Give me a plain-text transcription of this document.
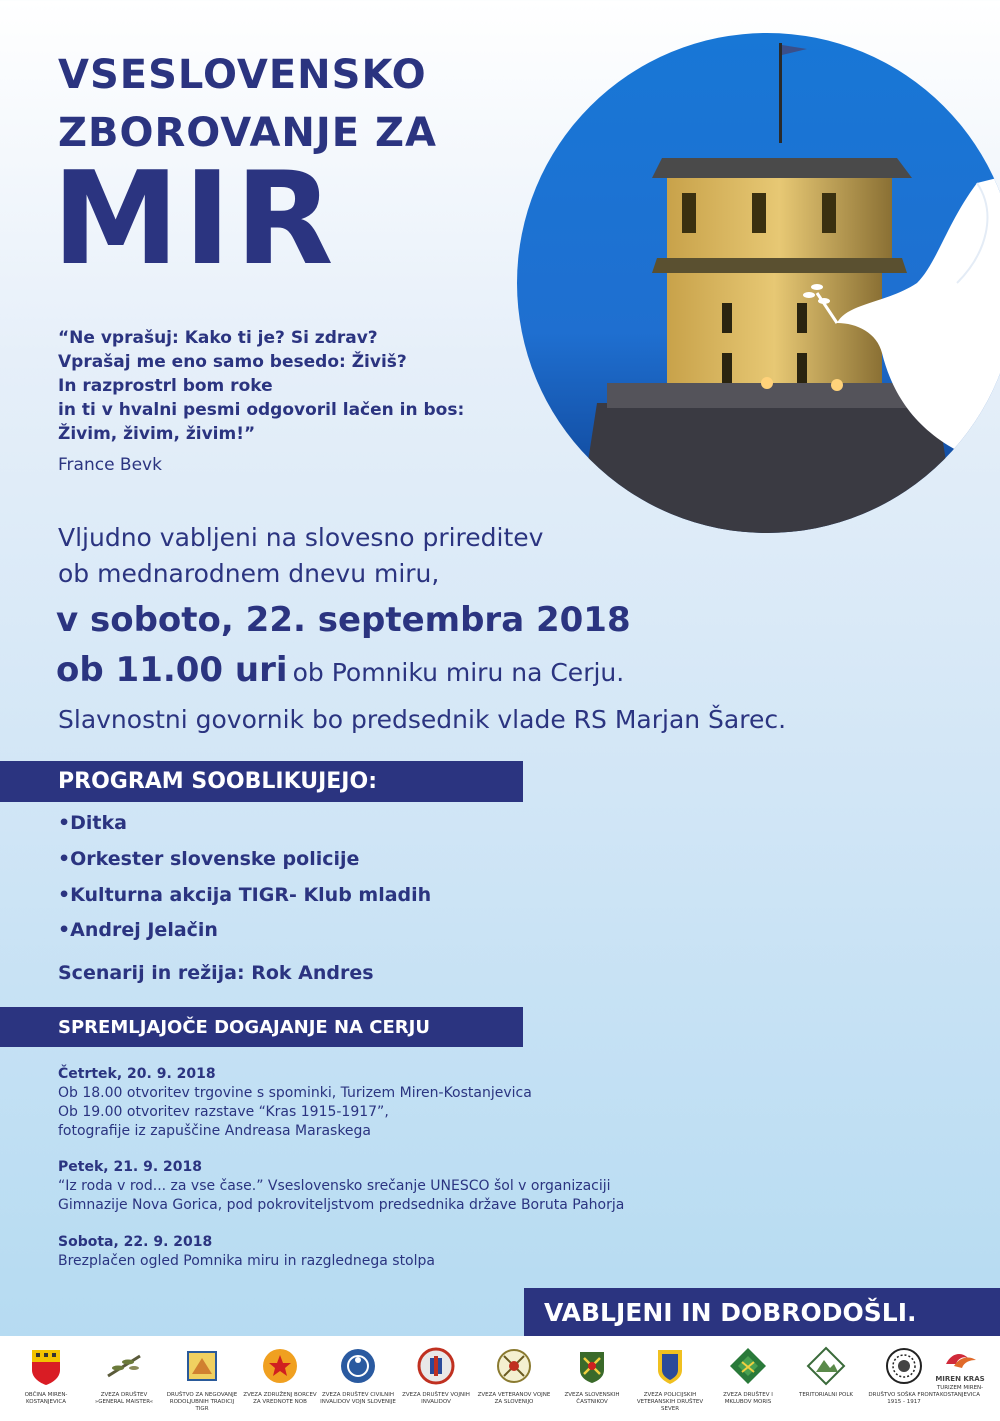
VSESLOVENSKO
ZBOROVANJE ZA
MIR
“Ne vprašuj: Kako ti je? Si zdrav?
Vprašaj me eno samo besedo: Živiš?
In razprostrl bom roke
in ti v hvalni pesmi odgovoril lačen in bos:
Živim, živim, živim!”
France Bevk
Vljudno vabljeni na slovesno prireditev
ob mednarodnem dnevu miru,
v soboto, 22. septembra 2018
ob 11.00 uri ob Pomniku miru na Cerju.
Slavnostni govornik bo predsednik vlade RS Marjan Šarec.
PROGRAM SOOBLIKUJEJO:
•Ditka
•Orkester slovenske policije
•Kulturna akcija TIGR- Klub mladih
•Andrej Jelačin
Scenarij in režija: Rok Andres
SPREMLJAJOČE DOGAJANJE NA CERJU
Četrtek, 20. 9. 2018
Ob 18.00 otvoritev trgovine s spominki, Turizem Miren-Kostanjevica
Ob 19.00 otvoritev razstave “Kras 1915-1917”,
fotografije iz zapuščine Andreasa Maraskega
Petek, 21. 9. 2018
“Iz roda v rod... za vse čase.” Vseslovensko srečanje UNESCO šol v organizaciji
Gimnazije Nova Gorica, pod pokroviteljstvom predsednika države Boruta Pahorja
Sobota, 22. 9. 2018
Brezplačen ogled Pomnika miru in razglednega stolpa
VABLJENI IN DOBRODOŠLI.
OBČINA MIREN-KOSTANJEVICA
ZVEZA DRUŠTEV »GENERAL MAISTER«
DRUŠTVO ZA NEGOVANJE RODOLJUBNIH TRADICIJ TIGR
ZVEZA ZDRUŽENJ BORCEV ZA VREDNOTE NOB
ZVEZA DRUŠTEV CIVILNIH INVALIDOV VOJN SLOVENIJE
ZVEZA DRUŠTEV VOJNIH INVALIDOV
ZVEZA VETERANOV VOJNE ZA SLOVENIJO
ZVEZA SLOVENSKIH ČASTNIKOV
ZVEZA POLICIJSKIH VETERANSKIH DRUŠTEV SEVER
ZVEZA DRUŠTEV I MKLUBOV MORIS
TERITORIALNI POLK	DRUŠTVO SOŠKA FRONTA 1915 - 1917
MIREN KRAS
TURIZEM MIREN-KOSTANJEVICA
